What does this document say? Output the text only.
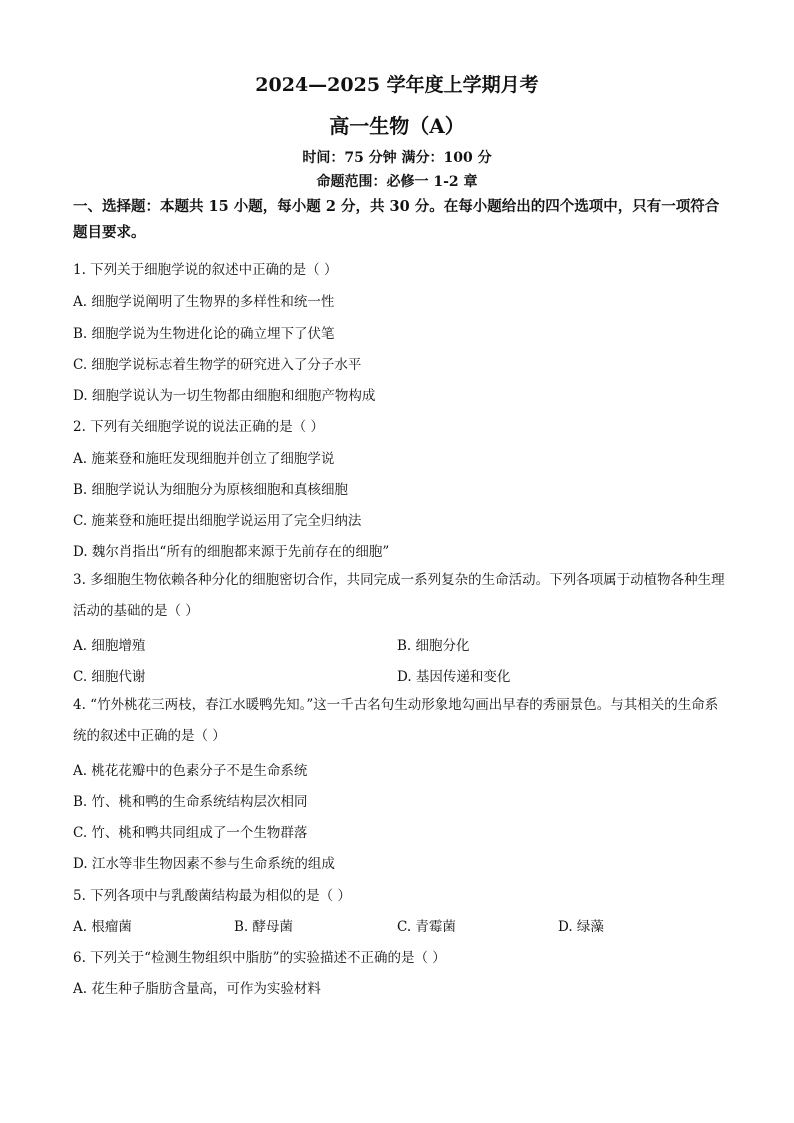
2024—2025 学年度上学期月考
高一生物（A）
时间：75 分钟 满分：100 分
命题范围：必修一 1-2 章
一、选择题：本题共 15 小题，每小题 2 分，共 30 分。在每小题给出的四个选项中，只有一项符合题目要求。
1. 下列关于细胞学说的叙述中正确的是（ ）
A. 细胞学说阐明了生物界的多样性和统一性
B. 细胞学说为生物进化论的确立埋下了伏笔
C. 细胞学说标志着生物学的研究进入了分子水平
D. 细胞学说认为一切生物都由细胞和细胞产物构成
2. 下列有关细胞学说的说法正确的是（ ）
A. 施莱登和施旺发现细胞并创立了细胞学说
B. 细胞学说认为细胞分为原核细胞和真核细胞
C. 施莱登和施旺提出细胞学说运用了完全归纳法
D. 魏尔肖指出“所有的细胞都来源于先前存在的细胞”
3. 多细胞生物依赖各种分化的细胞密切合作，共同完成一系列复杂的生命活动。下列各项属于动植物各种生理活动的基础的是（ ）
A. 细胞增殖	B. 细胞分化
C. 细胞代谢	D. 基因传递和变化
4. “竹外桃花三两枝，春江水暖鸭先知。”这一千古名句生动形象地勾画出早春的秀丽景色。与其相关的生命系统的叙述中正确的是（ ）
A. 桃花花瓣中的色素分子不是生命系统
B. 竹、桃和鸭的生命系统结构层次相同
C. 竹、桃和鸭共同组成了一个生物群落
D. 江水等非生物因素不参与生命系统的组成
5. 下列各项中与乳酸菌结构最为相似的是（ ）
A. 根瘤菌	B. 酵母菌	C. 青霉菌	D. 绿藻
6. 下列关于“检测生物组织中脂肪”的实验描述不正确的是（ ）
A. 花生种子脂肪含量高，可作为实验材料
